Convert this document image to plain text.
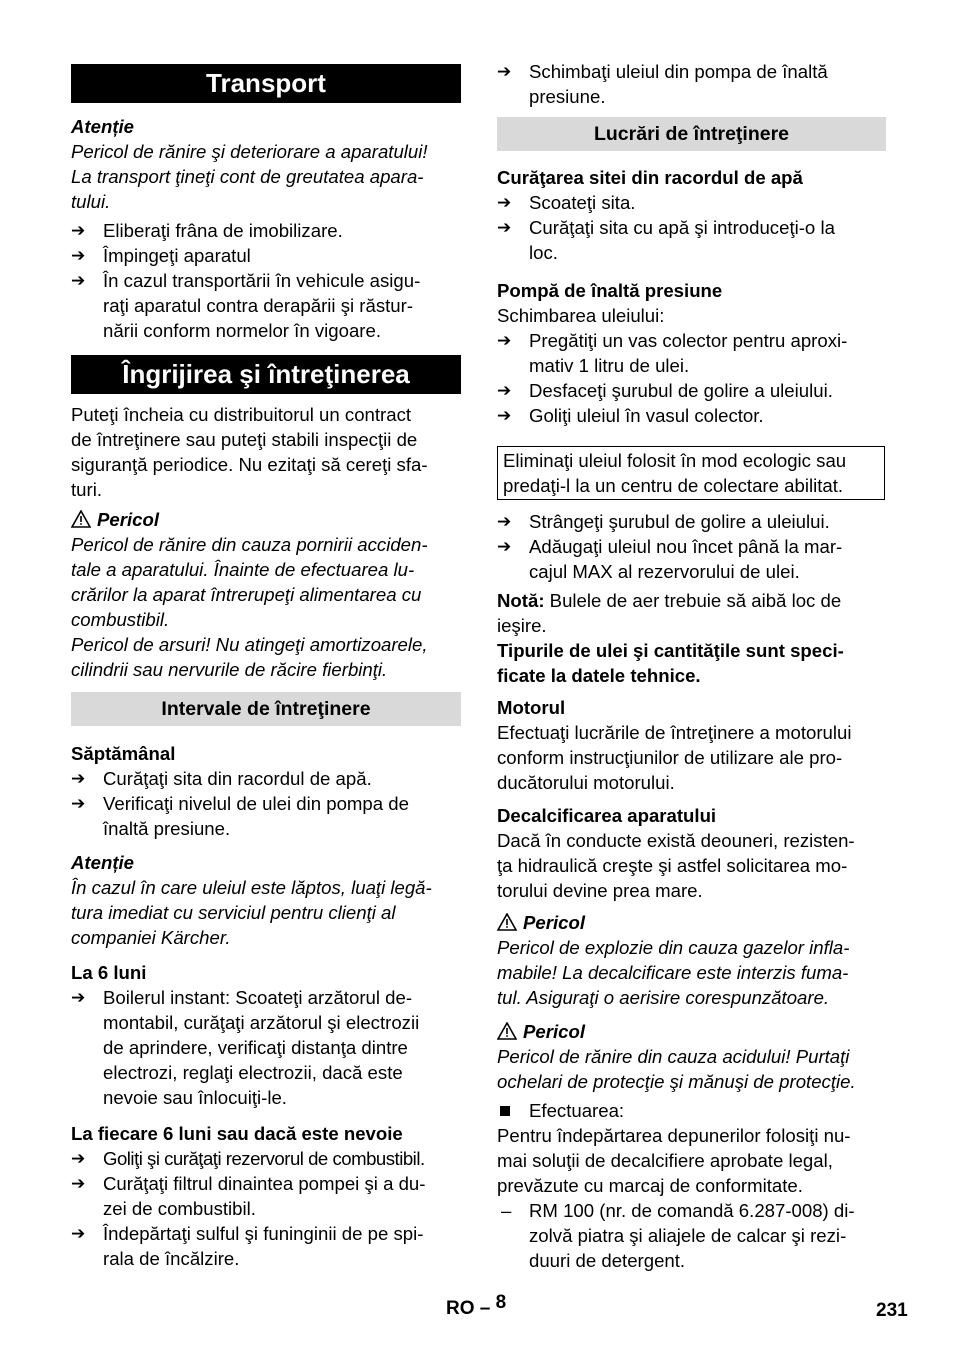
Transport

Atenție

Pericol de rănire şi deteriorare a aparatului!
La transport ţineţi cont de greutatea apara-
tului.
➔ Eliberaţi frâna de imobilizare.
➔ Împingeţi aparatul
➔ În cazul transportării în vehicule asigu-
raţi aparatul contra derapării şi răstur-
nării conform normelor în vigoare.
Îngrijirea şi întreţinerea
Puteţi încheia cu distribuitorul un contract
de întreţinere sau puteţi stabili inspecţii de
siguranţă periodice. Nu ezitaţi să cereţi sfa-
turi.

Pericol

Pericol de rănire din cauza pornirii acciden-
tale a aparatului. Înainte de efectuarea lu-
crărilor la aparat întrerupeţi alimentarea cu
combustibil.
Pericol de arsuri! Nu atingeţi amortizoarele,
cilindrii sau nervurile de răcire fierbinţi.
Intervale de întreţinere

Săptămânal

➔ Curăţaţi sita din racordul de apă.
➔ Verificaţi nivelul de ulei din pompa de
înaltă presiune.

Atenție

În cazul în care uleiul este lăptos, luaţi legă-
tura imediat cu serviciul pentru clienţi al
companiei Kärcher.

La 6 luni

➔ Boilerul instant: Scoateţi arzătorul de-
montabil, curăţaţi arzătorul şi electrozii
de aprindere, verificaţi distanţa dintre
electrozi, reglaţi electrozii, dacă este
nevoie sau înlocuiţi-le.

La fiecare 6 luni sau dacă este nevoie

➔ Goliţi şi curăţaţi rezervorul de combustibil.
➔ Curăţaţi filtrul dinaintea pompei şi a du-
zei de combustibil.
➔ Îndepărtaţi sulful şi funinginii de pe spi-
rala de încălzire.
➔ Schimbaţi uleiul din pompa de înaltă
presiune.
Lucrări de întreţinere

Curăţarea sitei din racordul de apă

➔ Scoateţi sita.
➔ Curăţaţi sita cu apă şi introduceţi-o la
loc.

Pompă de înaltă presiune

Schimbarea uleiului:

➔ Pregătiţi un vas colector pentru aproxi-
mativ 1 litru de ulei.
➔ Desfaceţi şurubul de golire a uleiului.
➔ Goliţi uleiul în vasul colector.
Eliminaţi uleiul folosit în mod ecologic sau
predaţi-l la un centru de colectare abilitat.
➔ Strângeţi şurubul de golire a uleiului.
➔ Adăugaţi uleiul nou încet până la mar-
cajul MAX al rezervorului de ulei.

Notă: Bulele de aer trebuie să aibă loc de

ieşire.

Tipurile de ulei şi cantităţile sunt speci-
ficate la datele tehnice.

Motorul

Efectuaţi lucrările de întreţinere a motorului
conform instrucţiunilor de utilizare ale pro-
ducătorului motorului.

Decalcificarea aparatului

Dacă în conducte există deouneri, rezisten-
ţa hidraulică creşte şi astfel solicitarea mo-
torului devine prea mare.

Pericol

Pericol de explozie din cauza gazelor infla-
mabile! La decalcificare este interzis fuma-
tul. Asiguraţi o aerisire corespunzătoare.

Pericol

Pericol de rănire din cauza acidului! Purtaţi
ochelari de protecţie şi mănuşi de protecţie.
Efectuarea:
Pentru îndepărtarea depunerilor folosiţi nu-
mai soluţii de decalcifiere aprobate legal,
prevăzute cu marcaj de conformitate.
– RM 100 (nr. de comandă 6.287-008) di-
zolvă piatra şi aliajele de calcar şi rezi-
duuri de detergent.
RO – $^8$	231
